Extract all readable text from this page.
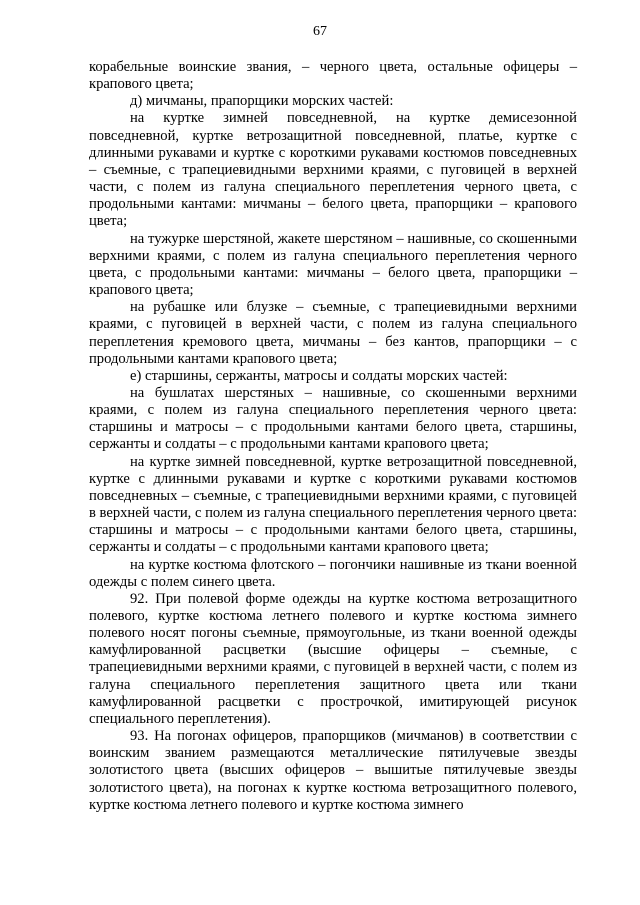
67

корабельные воинские звания, – черного цвета, остальные офицеры – крапового цвета;

д) мичманы, прапорщики морских частей:

на куртке зимней повседневной, на куртке демисезонной повседневной, куртке ветрозащитной повседневной, платье, куртке с длинными рукавами и куртке с короткими рукавами костюмов повседневных – съемные, с трапециевидными верхними краями, с пуговицей в верхней части, с полем из галуна специального переплетения черного цвета, с продольными кантами: мичманы – белого цвета, прапорщики – крапового цвета;

на тужурке шерстяной, жакете шерстяном – нашивные, со скошенными верхними краями, с полем из галуна специального переплетения черного цвета, с продольными кантами: мичманы – белого цвета, прапорщики – крапового цвета;

на рубашке или блузке – съемные, с трапециевидными верхними краями, с пуговицей в верхней части, с полем из галуна специального переплетения кремового цвета, мичманы – без кантов, прапорщики – с продольными кантами крапового цвета;

е) старшины, сержанты, матросы и солдаты морских частей:

на бушлатах шерстяных – нашивные, со скошенными верхними краями, с полем из галуна специального переплетения черного цвета: старшины и матросы – с продольными кантами белого цвета, старшины, сержанты и солдаты – с продольными кантами крапового цвета;

на куртке зимней повседневной, куртке ветрозащитной повседневной, куртке с длинными рукавами и куртке с короткими рукавами костюмов повседневных – съемные, с трапециевидными верхними краями, с пуговицей в верхней части, с полем из галуна специального переплетения черного цвета: старшины и матросы – с продольными кантами белого цвета, старшины, сержанты и солдаты – с продольными кантами крапового цвета;

на куртке костюма флотского – погончики нашивные из ткани военной одежды с полем синего цвета.

92. При полевой форме одежды на куртке костюма ветрозащитного полевого, куртке костюма летнего полевого и куртке костюма зимнего полевого носят погоны съемные, прямоугольные, из ткани военной одежды камуфлированной расцветки (высшие офицеры – съемные, с трапециевидными верхними краями, с пуговицей в верхней части, с полем из галуна специального переплетения защитного цвета или ткани камуфлированной расцветки с прострочкой, имитирующей рисунок специального переплетения).

93. На погонах офицеров, прапорщиков (мичманов) в соответствии с воинским званием размещаются металлические пятилучевые звезды золотистого цвета (высших офицеров – вышитые пятилучевые звезды золотистого цвета), на погонах к куртке костюма ветрозащитного полевого, куртке костюма летнего полевого и куртке костюма зимнего
